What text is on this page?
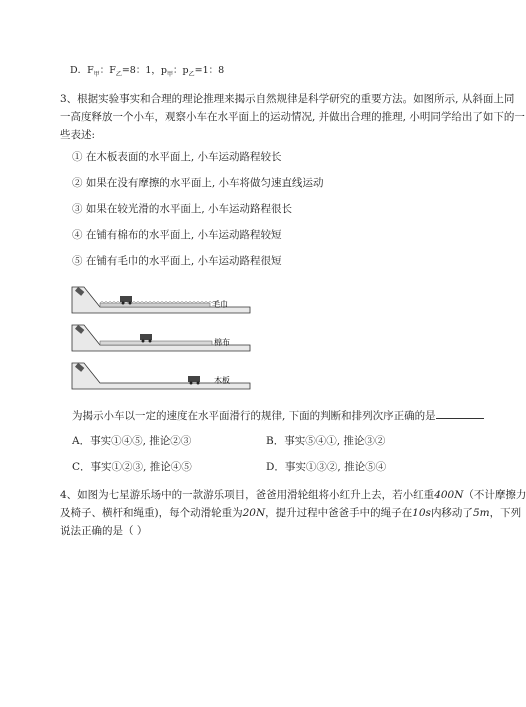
D．$F_甲$：$F_乙=8$：1，$p_甲$：$p_乙=1$：8
3、根据实验事实和合理的理论推理来揭示自然规律是科学研究的重要方法。如图所示, 从斜面上同
一高度释放一个小车，观察小车在水平面上的运动情况, 并做出合理的推理, 小明同学给出了如下的一
些表述:
① 在木板表面的水平面上, 小车运动路程较长
② 如果在没有摩擦的水平面上, 小车将做匀速直线运动
③ 如果在较光滑的水平面上, 小车运动路程很长
④ 在铺有棉布的水平面上, 小车运动路程较短
⑤ 在铺有毛巾的水平面上, 小车运动路程很短
毛巾
棉布
木板
为揭示小车以一定的速度在水平面滑行的规律, 下面的判断和排列次序正确的是
A．事实①④⑤, 推论②③	B．事实⑤④①, 推论③②
C．事实①②③, 推论④⑤	D．事实①③②, 推论⑤④
4、如图为七星游乐场中的一款游乐项目，爸爸用滑轮组将小红升上去，若小红重400N（不计摩擦力
及椅子、横杆和绳重)，每个动滑轮重为20N，提升过程中爸爸手中的绳子在10s内移动了5m，下列
说法正确的是（ ）
